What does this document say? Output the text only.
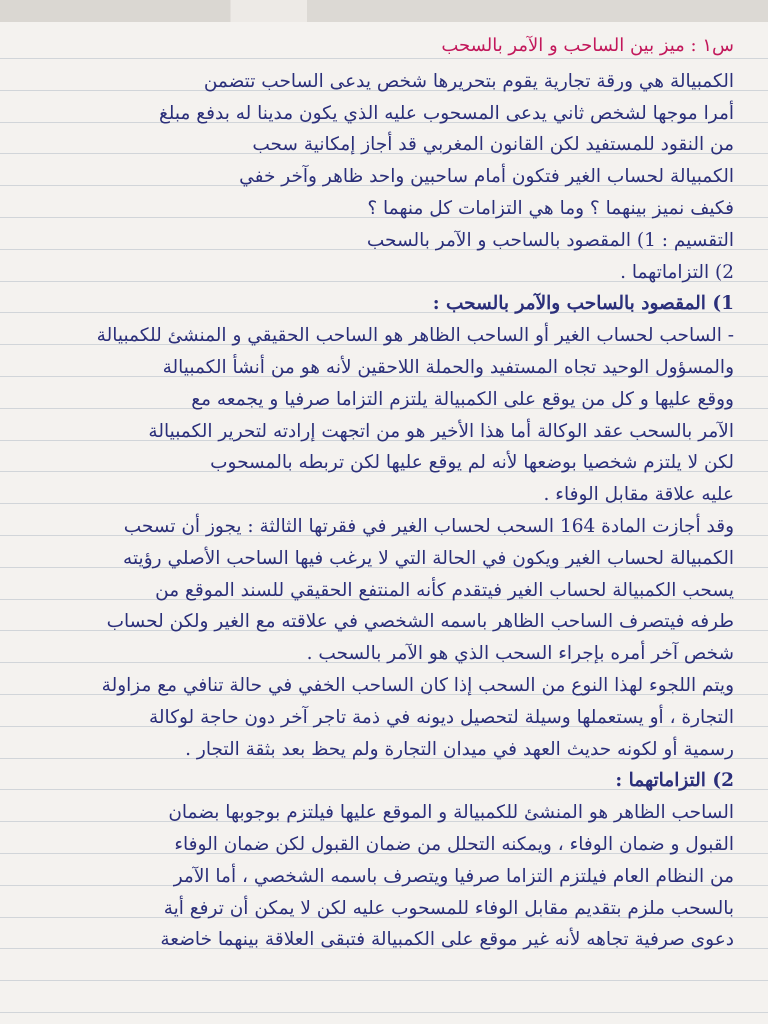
س١ : ميز بين الساحب و الآمر بالسحب
الكمبيالة هي ورقة تجارية يقوم بتحريرها شخص يدعى الساحب تتضمن
أمرا موجها لشخص ثاني يدعى المسحوب عليه الذي يكون مدينا له بدفع مبلغ
من النقود للمستفيد لكن القانون المغربي قد أجاز إمكانية سحب
الكمبيالة لحساب الغير فتكون أمام ساحبين واحد ظاهر وآخر خفي
فكيف نميز بينهما ؟ وما هي التزامات كل منهما ؟
التقسيم : 1) المقصود بالساحب و الآمر بالسحب
2) التزاماتهما .
1) المقصود بالساحب والآمر بالسحب :
- الساحب لحساب الغير أو الساحب الظاهر هو الساحب الحقيقي و المنشئ للكمبيالة
والمسؤول الوحيد تجاه المستفيد والحملة اللاحقين لأنه هو من أنشأ الكمبيالة
ووقع عليها و كل من يوقع على الكمبيالة يلتزم التزاما صرفيا و يجمعه مع
الآمر بالسحب عقد الوكالة أما هذا الأخير هو من اتجهت إرادته لتحرير الكمبيالة
لكن لا يلتزم شخصيا بوضعها لأنه لم يوقع عليها لكن تربطه بالمسحوب
عليه علاقة مقابل الوفاء .
وقد أجازت المادة 164 السحب لحساب الغير في فقرتها الثالثة : يجوز أن تسحب
الكمبيالة لحساب الغير ويكون في الحالة التي لا يرغب فيها الساحب الأصلي رؤيته
يسحب الكمبيالة لحساب الغير فيتقدم كأنه المنتفع الحقيقي للسند الموقع من
طرفه فيتصرف الساحب الظاهر باسمه الشخصي في علاقته مع الغير ولكن لحساب
شخص آخر أمره بإجراء السحب الذي هو الآمر بالسحب .
ويتم اللجوء لهذا النوع من السحب إذا كان الساحب الخفي في حالة تنافي مع مزاولة
التجارة ، أو يستعملها وسيلة لتحصيل ديونه في ذمة تاجر آخر دون حاجة لوكالة
رسمية أو لكونه حديث العهد في ميدان التجارة ولم يحظ بعد بثقة التجار .
2) التزاماتهما :
الساحب الظاهر هو المنشئ للكمبيالة و الموقع عليها فيلتزم بوجوبها بضمان
القبول و ضمان الوفاء ، ويمكنه التحلل من ضمان القبول لكن ضمان الوفاء
من النظام العام فيلتزم التزاما صرفيا ويتصرف باسمه الشخصي ، أما الآمر
بالسحب ملزم بتقديم مقابل الوفاء للمسحوب عليه لكن لا يمكن أن ترفع أية
دعوى صرفية تجاهه لأنه غير موقع على الكمبيالة فتبقى العلاقة بينهما خاضعة
